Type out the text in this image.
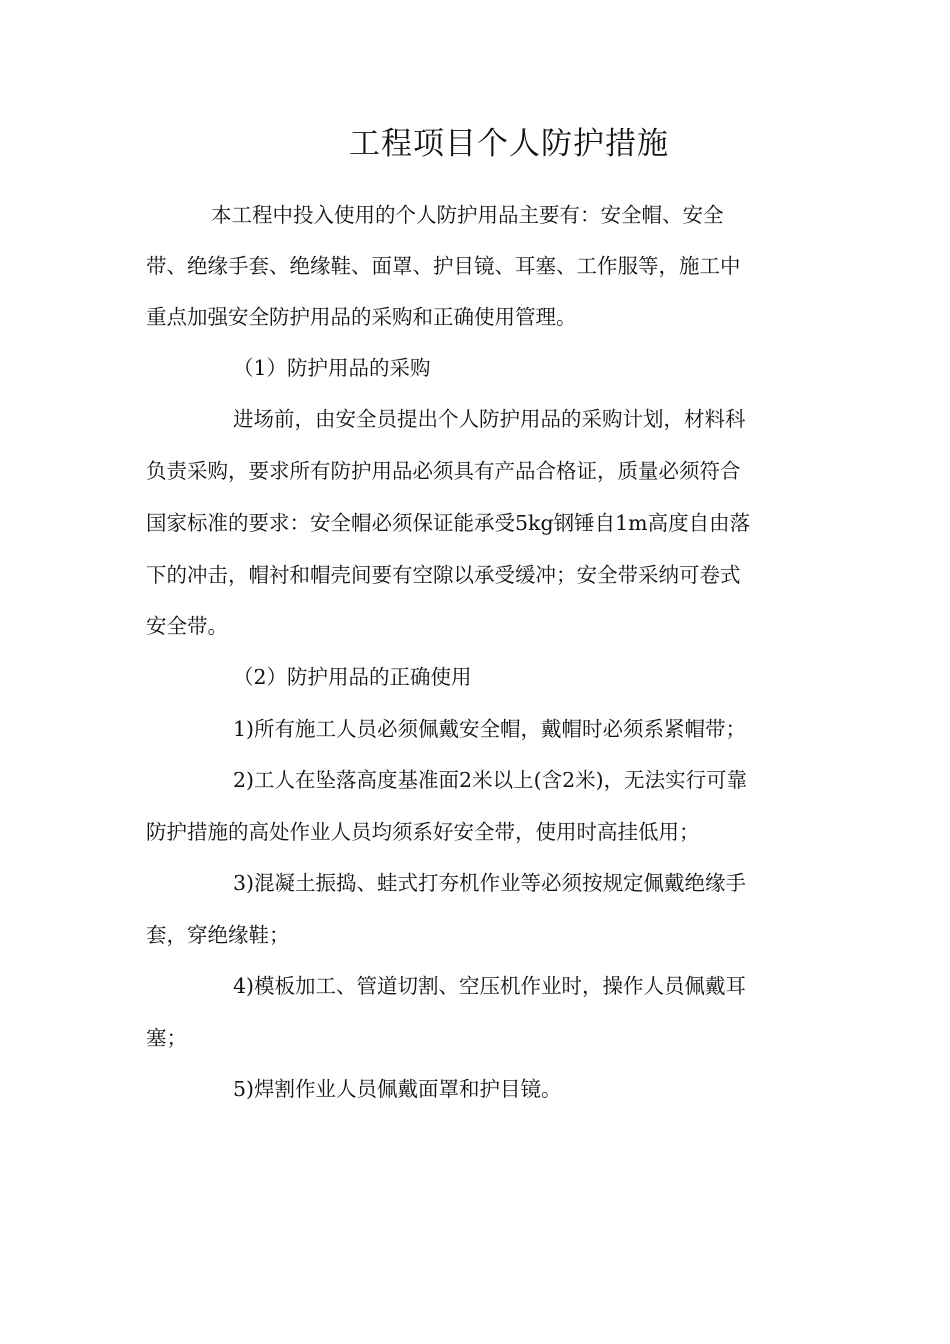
工程项目个人防护措施

本工程中投入使用的个人防护用品主要有：安全帽、安全

带、绝缘手套、绝缘鞋、面罩、护目镜、耳塞、工作服等，施工中

重点加强安全防护用品的采购和正确使用管理。

（1）防护用品的采购

进场前，由安全员提出个人防护用品的采购计划，材料科

负责采购，要求所有防护用品必须具有产品合格证，质量必须符合

国家标准的要求：安全帽必须保证能承受5kg钢锤自1m高度自由落

下的冲击，帽衬和帽壳间要有空隙以承受缓冲；安全带采纳可卷式

安全带。

（2）防护用品的正确使用

1)所有施工人员必须佩戴安全帽，戴帽时必须系紧帽带；

2)工人在坠落高度基准面2米以上(含2米)，无法实行可靠

防护措施的高处作业人员均须系好安全带，使用时高挂低用；

3)混凝土振捣、蛙式打夯机作业等必须按规定佩戴绝缘手

套，穿绝缘鞋；

4)模板加工、管道切割、空压机作业时，操作人员佩戴耳

塞；

5)焊割作业人员佩戴面罩和护目镜。
